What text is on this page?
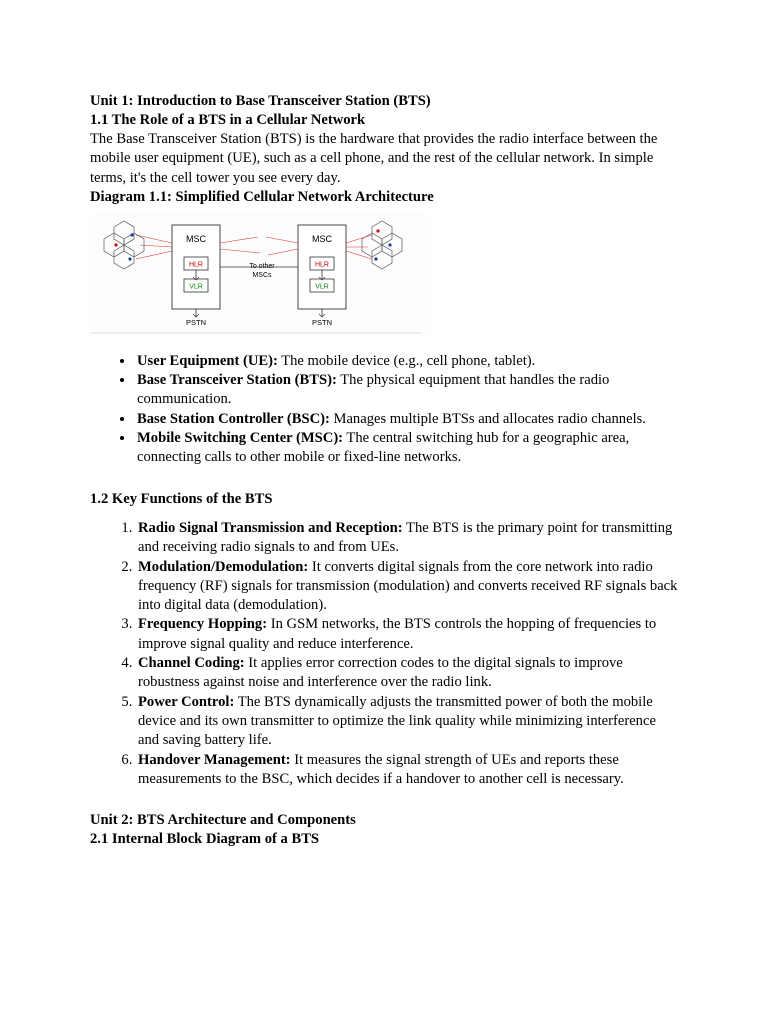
Unit 1: Introduction to Base Transceiver Station (BTS)
1.1 The Role of a BTS in a Cellular Network
The Base Transceiver Station (BTS) is the hardware that provides the radio interface between the mobile user equipment (UE), such as a cell phone, and the rest of the cellular network. In simple terms, it's the cell tower you see every day.
Diagram 1.1: Simplified Cellular Network Architecture
MSC
HLR
VLR
PSTN
MSC
HLR
VLR
PSTN
To other
MSCs
• User Equipment (UE): The mobile device (e.g., cell phone, tablet).
• Base Transceiver Station (BTS): The physical equipment that handles the radio communication.
• Base Station Controller (BSC): Manages multiple BTSs and allocates radio channels.
• Mobile Switching Center (MSC): The central switching hub for a geographic area, connecting calls to other mobile or fixed-line networks.
1.2 Key Functions of the BTS
1. Radio Signal Transmission and Reception: The BTS is the primary point for transmitting and receiving radio signals to and from UEs.
2. Modulation/Demodulation: It converts digital signals from the core network into radio frequency (RF) signals for transmission (modulation) and converts received RF signals back into digital data (demodulation).
3. Frequency Hopping: In GSM networks, the BTS controls the hopping of frequencies to improve signal quality and reduce interference.
4. Channel Coding: It applies error correction codes to the digital signals to improve robustness against noise and interference over the radio link.
5. Power Control: The BTS dynamically adjusts the transmitted power of both the mobile device and its own transmitter to optimize the link quality while minimizing interference and saving battery life.
6. Handover Management: It measures the signal strength of UEs and reports these measurements to the BSC, which decides if a handover to another cell is necessary.
Unit 2: BTS Architecture and Components
2.1 Internal Block Diagram of a BTS
